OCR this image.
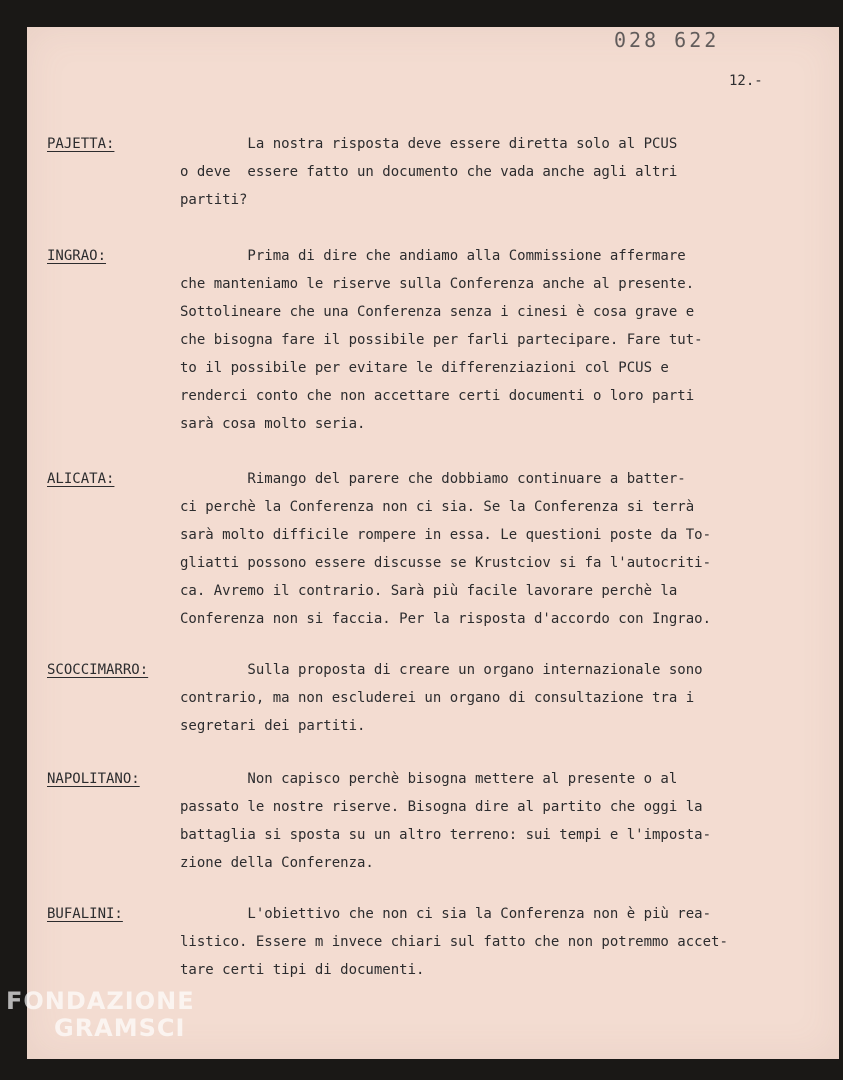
028 622
12.-
PAJETTA:	La nostra risposta deve essere diretta solo al PCUS
o deve  essere fatto un documento che vada anche agli altri
partiti?
INGRAO:	Prima di dire che andiamo alla Commissione affermare
che manteniamo le riserve sulla Conferenza anche al presente.
Sottolineare che una Conferenza senza i cinesi è cosa grave e
che bisogna fare il possibile per farli partecipare. Fare tut-
to il possibile per evitare le differenziazioni col PCUS e
renderci conto che non accettare certi documenti o loro parti
sarà cosa molto seria.
ALICATA:	Rimango del parere che dobbiamo continuare a batter-
ci perchè la Conferenza non ci sia. Se la Conferenza si terrà
sarà molto difficile rompere in essa. Le questioni poste da To-
gliatti possono essere discusse se Krustciov si fa l'autocriti-
ca. Avremo il contrario. Sarà più facile lavorare perchè la
Conferenza non si faccia. Per la risposta d'accordo con Ingrao.
SCOCCIMARRO: Sulla proposta di creare un organo internazionale sono
contrario, ma non escluderei un organo di consultazione tra i
segretari dei partiti.
NAPOLITANO:	Non capisco perchè bisogna mettere al presente o al
passato le nostre riserve. Bisogna dire al partito che oggi la
battaglia si sposta su un altro terreno: sui tempi e l'imposta-
zione della Conferenza.
BUFALINI:	L'obiettivo che non ci sia la Conferenza non è più rea-
listico. Essere m invece chiari sul fatto che non potremmo accet-
tare certi tipi di documenti.
FONDAZIONE
GRAMSCI
